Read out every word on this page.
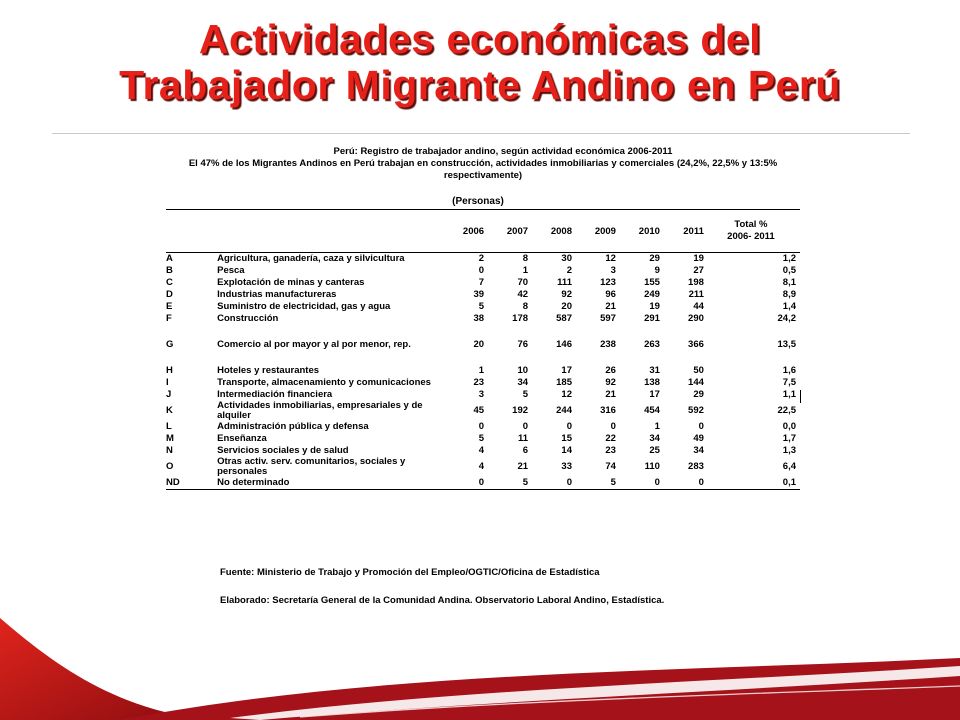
Actividades económicas del
Trabajador Migrante Andino en Perú
Perú: Registro de trabajador andino, según actividad económica 2006-2011
El 47% de los Migrantes Andinos en Perú trabajan en construcción, actividades inmobiliarias y comerciales (24,2%, 22,5% y 13:5%
respectivamente)
(Personas)
		2006	2007	2008	2009	2010	2011	Total %
2006- 2011
A	Agricultura, ganadería, caza y silvicultura	2	8	30	12	29	19	1,2
B	Pesca	0	1	2	3	9	27	0,5
C	Explotación de minas y canteras	7	70	111	123	155	198	8,1
D	Industrias manufactureras	39	42	92	96	249	211	8,9
E	Suministro de electricidad, gas y agua	5	8	20	21	19	44	1,4
F	Construcción	38	178	587	597	291	290	24,2

G	Comercio al por mayor y al por menor, rep.	20	76	146	238	263	366	13,5

H	Hoteles y restaurantes	1	10	17	26	31	50	1,6
I	Transporte, almacenamiento y comunicaciones	23	34	185	92	138	144	7,5
J	Intermediación financiera	3	5	12	21	17	29	1,1
K	Actividades inmobiliarias, empresariales y de alquiler	45	192	244	316	454	592	22,5
L	Administración pública y defensa	0	0	0	0	1	0	0,0
M	Enseñanza	5	11	15	22	34	49	1,7
N	Servicios sociales y de salud	4	6	14	23	25	34	1,3
O	Otras activ. serv. comunitarios, sociales y personales	4	21	33	74	110	283	6,4
ND	No determinado	0	5	0	5	0	0	0,1
Fuente: Ministerio de Trabajo y Promoción del Empleo/OGTIC/Oficina de Estadística
Elaborado: Secretaría General de la Comunidad Andina. Observatorio Laboral Andino, Estadística.
